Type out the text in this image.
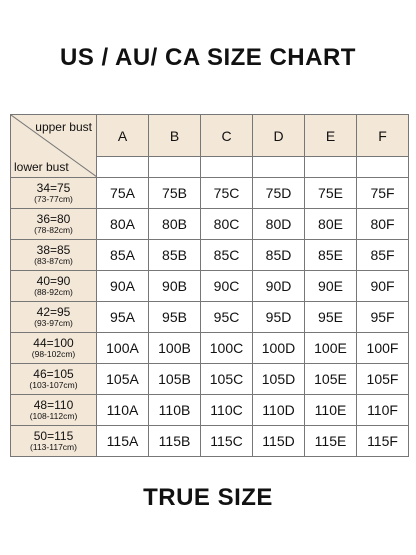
US / AU/ CA SIZE CHART
upper bust
lower bust	A	B	C	D	E	F

34=75
(73-77cm)	75A	75B	75C	75D	75E	75F

36=80
(78-82cm)	80A	80B	80C	80D	80E	80F

38=85
(83-87cm)	85A	85B	85C	85D	85E	85F

40=90
(88-92cm)	90A	90B	90C	90D	90E	90F

42=95
(93-97cm)	95A	95B	95C	95D	95E	95F

44=100
(98-102cm)	100A	100B	100C	100D	100E	100F

46=105
(103-107cm)	105A	105B	105C	105D	105E	105F

48=110
(108-112cm)	110A	110B	110C	110D	110E	110F

50=115
(113-117cm)	115A	115B	115C	115D	115E	115F
TRUE SIZE
